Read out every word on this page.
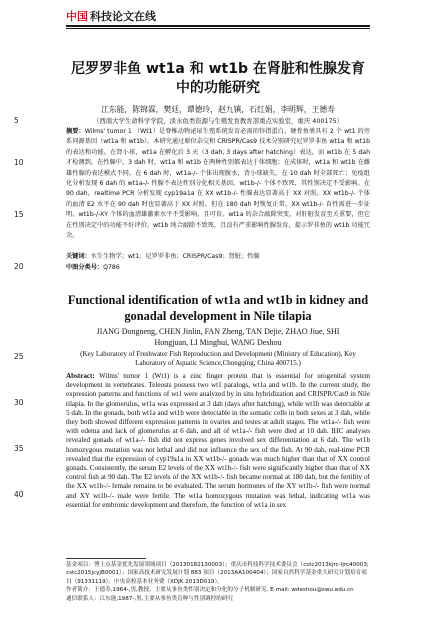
中国 科技论文在线
5
10
15
20
25
30
35
40
尼罗罗非鱼 wt1a 和 wt1b 在肾脏和性腺发育
中的功能研究
江东能，陈锦霖，樊廷，谭德玲，赵九镇，石红娟，李明辉，王德寿
（西南大学生命科学学院，淡水鱼类资源与生殖发育教育部重点实验室，重庆 400175）
摘要：Wilms' tumor 1 （Wt1）是脊椎动物泌尿生殖系统发育必需的锌指蛋白。硬骨鱼类具有 2 个 wt1 的旁系同源基因（wt1a 和 wt1b）。本研究通过原位杂交和 CRISPR/Cas9 技术分别研究尼罗罗非鱼 wt1a 和 wt1b 的表达和功能。在肾小球，wt1a 在孵化后 3 天（3 dah, 3 days after hatching）表达，而 wt1b 在 5 dah 才检测到。在性腺中，3 dah 时，wt1a 和 wt1b 在两种性别都表达于体细胞；在成体时，wt1a 和 wt1b 在雌雄性腺的表达模式不同。在 6 dah 时，wt1a-/- 个体出现腹水，背小球缺失，在 10 dah 时全部死亡；免疫组化分析发现 6 dah 的 wt1a-/- 性腺不表达性别分化相关基因。wt1b-/- 个体不致死，其性别决定不受影响。在 90 dah，realtime PCR 分析发现 cyp19a1a 在 XX wt1b-/- 性腺表达显著高于 XX 对照。XX wt1b-/- 个体的血清 E2 水平在 90 dah 时也显著高于 XX 对照，但在 180 dah 时恢复正常。XX wt1b-/- 育性需进一步证明。wt1b-/-XY 个体的血清雄激素水平不受影响，且可育。wt1a 的杂合敲除突变，对肝脏发育至关重要，但它在性别决定中的功能不好评价。wt1b 纯合敲除不致死，且没有严重影响性腺发育，提示罗非鱼的 wt1b 功能冗余。
关键词：水生生物学；wt1；尼罗罗非鱼；CRISPR/Cas9；肾脏；性腺
中图分类号：Q786
Functional identification of wt1a and wt1b in kidney and
gonadal development in Nile tilapia
JIANG Dongneng, CHEN Jinlin, FAN Zheng, TAN Dejie, ZHAO Jiue, SHI
Hongjuan, LI Minghui, WANG Deshou
(Key Laboratory of Freshwater Fish Reproduction and Development (Ministry of Education), Key
Laboratory of Aquatic Science,Chongqing, China 400715.)
Abstract: Wilms' tumor 1 (Wt1) is a zinc finger protein that is essential for urogenital system development in vertebrates. Teleosts possess two wt1 paralogs, wt1a and wt1b. In the current study, the expression patterns and functions of wt1 were analyzed by in situ hybridization and CRISPR/Cas9 in Nile tilapia. In the glomerulus, wt1a was expressed at 3 dah (days after hatching), while wt1b was detectable at 5 dah. In the gonads, both wt1a and wt1b were detectable in the somatic cells in both sexes at 3 dah, while they both showed different expression patterns in ovaries and testes at adult stages. The wt1a-/- fish were with edema and lack of glomerulus at 6 dah, and all of wt1a-/- fish were died at 10 dah. IHC analyses revealed gonads of wt1a-/- fish did not express genes involved sex differentiation at 6 dah. The wt1b homozygous mutation was not lethal and did not influence the sex of the fish. At 90 dah, real-time PCR revealed that the expression of cyp19a1a in XX wt1b-/- gonads was much higher than that of XX control gonads. Consistently, the serum E2 levels of the XX wt1b-/- fish were significantly higher than that of XX control fish at 90 dah. The E2 levels of the XX wt1b-/- fish became normal at 180 dah, but the fertility of the XX wt1b-/- female remains to be evaluated. The serum hormones of the XY wt1b-/- fish were normal and XY wt1b-/- male were fertile. The wt1a homozygous mutation was lethal, indicating wt1a was essential for embronic development and therefore, the function of wt1a in sex
基金项目：博士点基金优先发展领域项目（20130182130003）；重庆市科技科学技术委员会（cstc2013kjrc-ljrc40003; cstc2015jcyjB0001）；国家高技术研究发展计划 863 项目（2013AA100404）；国家自然科学基金重大研究计划培育项目（91331119）；中央高校基本业务费（XDJK 2013D019）。
作者简介：王德寿,1964-,男,教授，主要从事鱼类性别决定和分化的分子机制研究. E-mail: wdeshou@swu.edu.cn
通信联系人：江东能,1987-,男,主要从事鱼类育种与性别调控的研究
